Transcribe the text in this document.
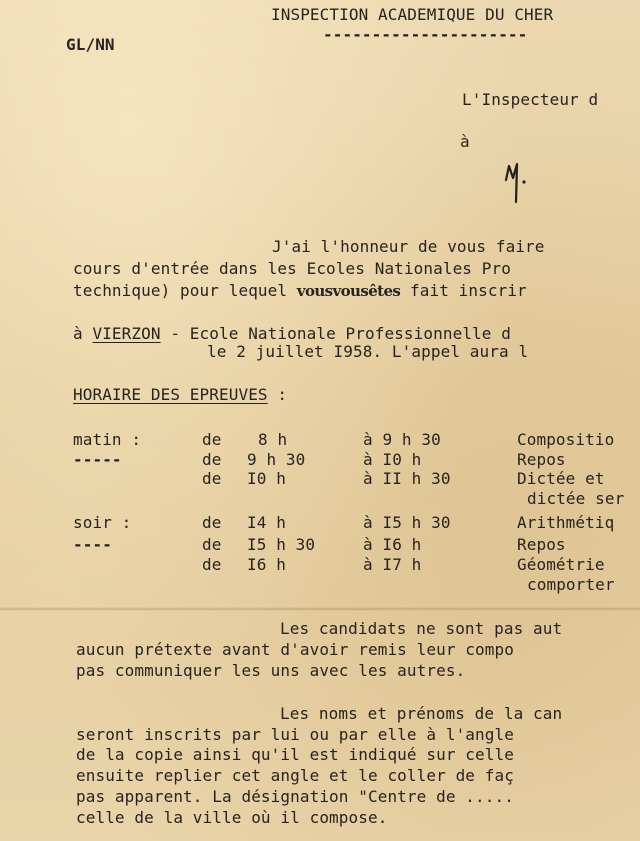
GL/NN
INSPECTION ACADEMIQUE DU CHER
---------------------
L'Inspecteur d
à
J'ai l'honneur de vous faire
cours d'entrée dans les Ecoles Nationales Pro
technique) pour lequel vousvousêtes fait inscrir
à VIERZON - Ecole Nationale Professionnelle d
le 2 juillet I958. L'appel aura l
HORAIRE DES EPREUVES :
matin :	de 8 h	à 9 h 30	Compositio
-----	de 9 h 30	à I0 h	Repos
de I0 h	à II h 30	Dictée et
dictée ser
soir :	de I4 h	à I5 h 30	Arithmétiq
----	de I5 h 30	à I6 h	Repos
de I6 h	à I7 h	Géométrie
comporter
Les candidats ne sont pas aut
aucun prétexte avant d'avoir remis leur compo
pas communiquer les uns avec les autres.
Les noms et prénoms de la can
seront inscrits par lui ou par elle à l'angle
de la copie ainsi qu'il est indiqué sur celle
ensuite replier cet angle et le coller de faç
pas apparent. La désignation "Centre de .....
celle de la ville où il compose.
